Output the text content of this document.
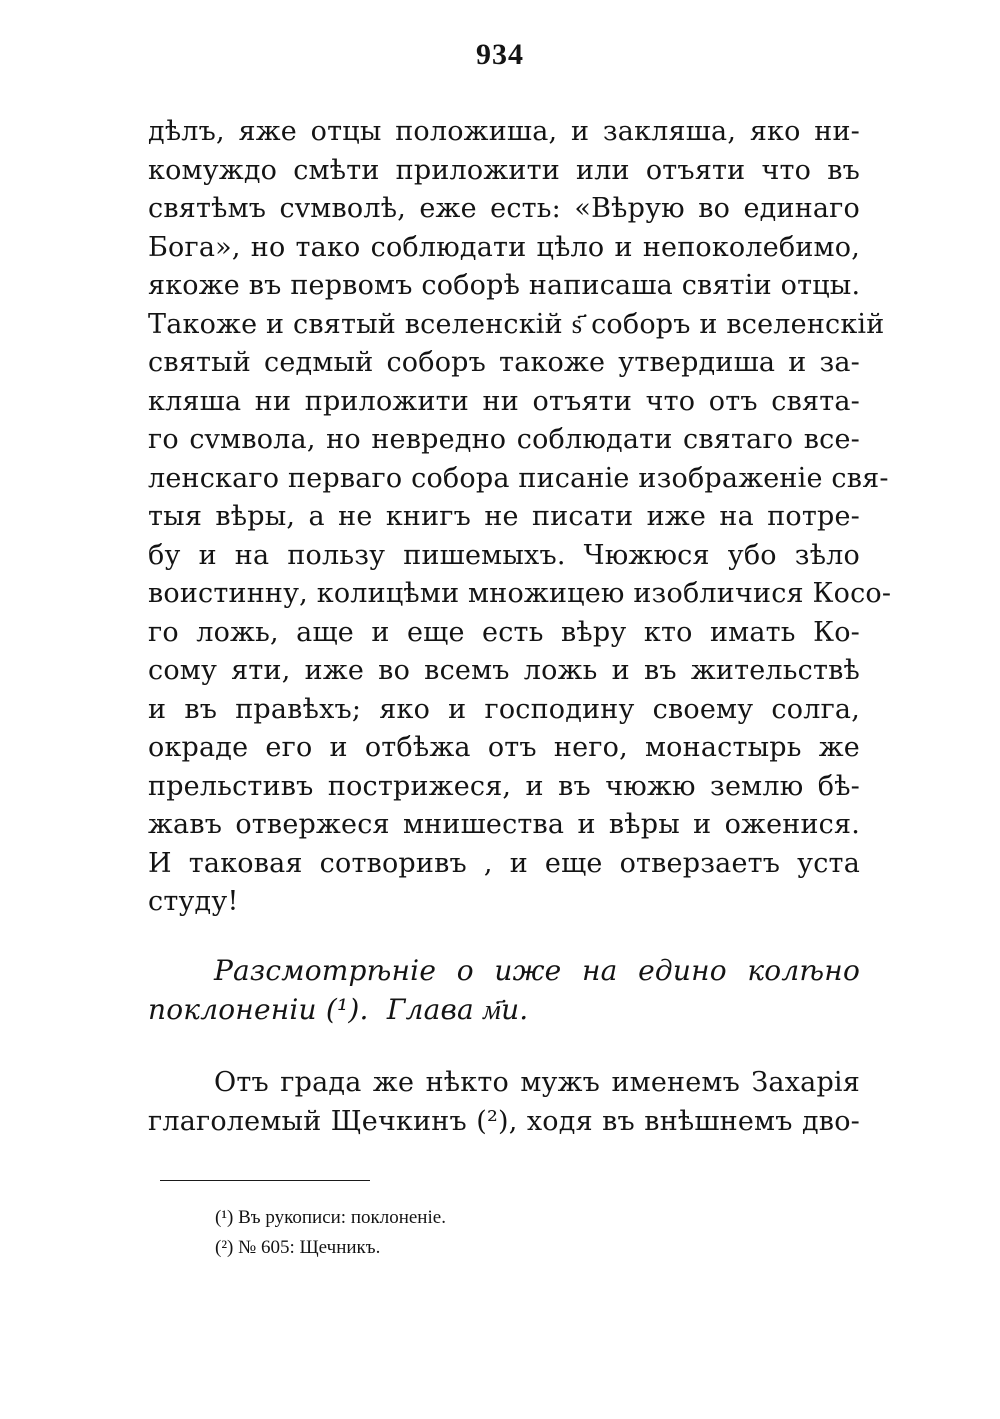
934
дѣлъ, яже отцы положиша, и закляша, яко ни-
комуждо смѣти приложити или отъяти что въ
святѣмъ сvмволѣ, еже есть: «Вѣрую во единаго
Бога», но тако соблюдати цѣло и непоколебимо,
якоже въ первомъ соборѣ написаша святiи отцы.
Такоже и святый вселенскiй ѕ҃ соборъ и вселенскiй
святый седмый соборъ такоже утвердиша и за-
кляша ни приложити ни отъяти что отъ свята-
го сvмвола, но невредно соблюдати святаго все-
ленскаго перваго собора писанiе изображенiе свя-
тыя вѣры, а не книгъ не писати иже на потре-
бу и на пользу пишемыхъ. Чюжюся убо зѣло
воистинну, колицѣми множицею изобличися Косо-
го ложь, аще и еще есть вѣру кто имать Ко-
сому яти, иже во всемъ ложь и въ жительствѣ
и въ правѣхъ; яко и господину своему солга,
окраде его и отбѣжа отъ него, монастырь же
прельстивъ пострижеся, и въ чюжю землю бѣ-
жавъ отвержеся мнишества и вѣры и оженися.
И таковая сотворивъ , и еще отверзаетъ уста
студу!
Разсмотрѣнiе о иже на едино колѣно
поклоненiи (¹). Глава м҃и.
Отъ града же нѣкто мужъ именемъ Захарiя
глаголемый Щечкинъ (²), ходя въ внѣшнемъ дво-
(¹) Въ рукописи: поклоненiе.
(²) № 605: Щечникъ.
